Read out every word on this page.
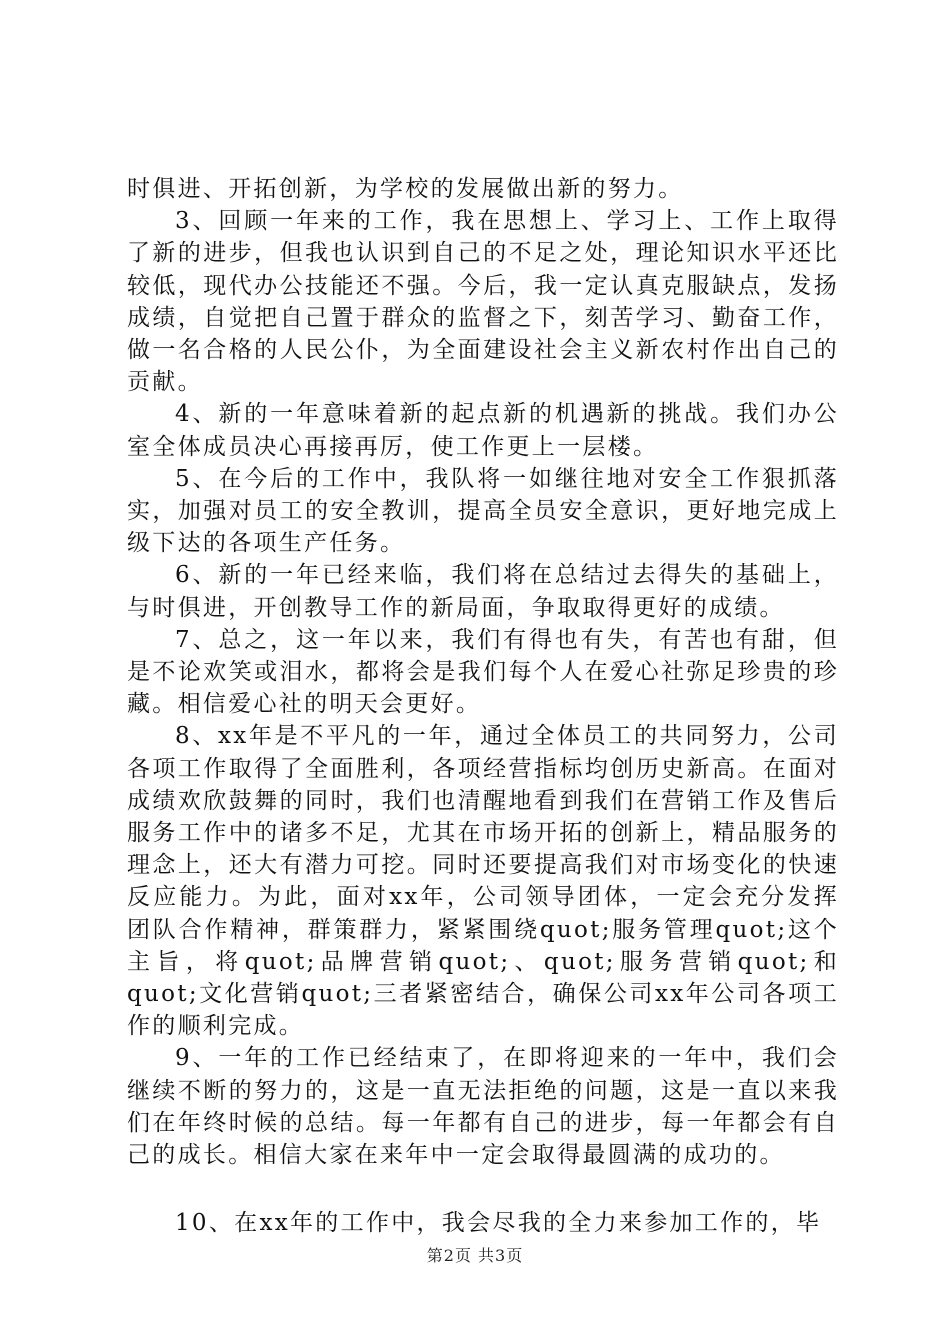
时俱进、开拓创新，为学校的发展做出新的努力。

3、回顾一年来的工作，我在思想上、学习上、工作上取得了新的进步，但我也认识到自己的不足之处，理论知识水平还比较低，现代办公技能还不强。今后，我一定认真克服缺点，发扬成绩，自觉把自己置于群众的监督之下，刻苦学习、勤奋工作，做一名合格的人民公仆，为全面建设社会主义新农村作出自己的贡献。

4、新的一年意味着新的起点新的机遇新的挑战。我们办公室全体成员决心再接再厉，使工作更上一层楼。

5、在今后的工作中，我队将一如继往地对安全工作狠抓落实，加强对员工的安全教训，提高全员安全意识，更好地完成上级下达的各项生产任务。

6、新的一年已经来临，我们将在总结过去得失的基础上，与时俱进，开创教导工作的新局面，争取取得更好的成绩。

7、总之，这一年以来，我们有得也有失，有苦也有甜，但是不论欢笑或泪水，都将会是我们每个人在爱心社弥足珍贵的珍藏。相信爱心社的明天会更好。

8、xx年是不平凡的一年，通过全体员工的共同努力，公司各项工作取得了全面胜利，各项经营指标均创历史新高。在面对成绩欢欣鼓舞的同时，我们也清醒地看到我们在营销工作及售后服务工作中的诸多不足，尤其在市场开拓的创新上，精品服务的理念上，还大有潜力可挖。同时还要提高我们对市场变化的快速反应能力。为此，面对xx年，公司领导团体，一定会充分发挥团队合作精神，群策群力，紧紧围绕quot;服务管理quot;这个主旨，将quot;品牌营销quot;、quot;服务营销quot;和quot;文化营销quot;三者紧密结合，确保公司xx年公司各项工作的顺利完成。

9、一年的工作已经结束了，在即将迎来的一年中，我们会继续不断的努力的，这是一直无法拒绝的问题，这是一直以来我们在年终时候的总结。每一年都有自己的进步，每一年都会有自己的成长。相信大家在来年中一定会取得最圆满的成功的。

10、在xx年的工作中，我会尽我的全力来参加工作的，毕

第2页 共3页
